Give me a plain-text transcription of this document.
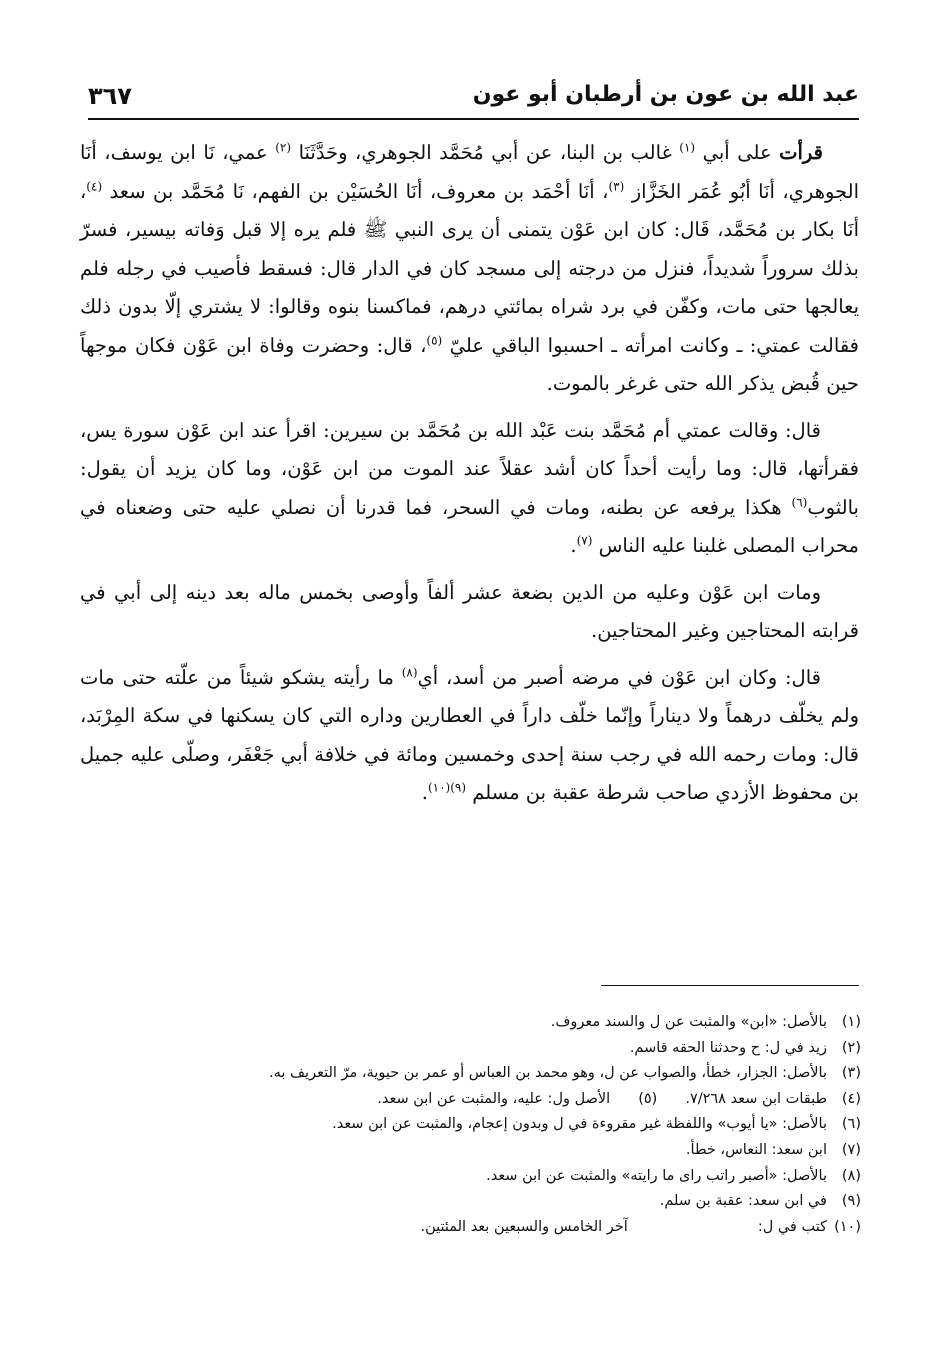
عبد الله بن عون بن أرطبان أبو عون
٣٦٧

قرأت على أبي $^{(١)}$ غالب بن البنا، عن أبي مُحَمَّد الجوهري، وحَدَّثَنَا $^{(٢)}$ عمي، نَا ابن يوسف، أنَا الجوهري، أنَا أبُو عُمَر الخَزَّاز $^{(٣)}$، أنَا أحْمَد بن معروف، أنَا الحُسَيْن بن الفهم، نَا مُحَمَّد بن سعد $^{(٤)}$، أنَا بكار بن مُحَمَّد، قَال: كان ابن عَوْن يتمنى أن يرى النبي ﷺ فلم يره إلا قبل وَفاته بيسير، فسرّ بذلك سروراً شديداً، فنزل من درجته إلى مسجد كان في الدار قال: فسقط فأصيب في رجله فلم يعالجها حتى مات، وكفّن في برد شراه بمائتي درهم، فماكسنا بنوه وقالوا: لا يشتري إلّا بدون ذلك فقالت عمتي: ـ وكانت امرأته ـ احسبوا الباقي عليّ $^{(٥)}$، قال: وحضرت وفاة ابن عَوْن فكان موجهاً حين قُبض يذكر الله حتى غرغر بالموت.

قال: وقالت عمتي أم مُحَمَّد بنت عَبْد الله بن مُحَمَّد بن سيرين: اقرأ عند ابن عَوْن سورة يس، فقرأتها، قال: وما رأيت أحداً كان أشد عقلاً عند الموت من ابن عَوْن، وما كان يزيد أن يقول: بالثوب$^{(٦)}$ هكذا يرفعه عن بطنه، ومات في السحر، فما قدرنا أن نصلي عليه حتى وضعناه في محراب المصلى غلبنا عليه الناس $^{(٧)}$.

ومات ابن عَوْن وعليه من الدين بضعة عشر ألفاً وأوصى بخمس ماله بعد دينه إلى أبي في قرابته المحتاجين وغير المحتاجين.

قال: وكان ابن عَوْن في مرضه أصبر من أسد، أي$^{(٨)}$ ما رأيته يشكو شيئاً من علّته حتى مات ولم يخلّف درهماً ولا ديناراً وإنّما خلّف داراً في العطارين وداره التي كان يسكنها في سكة المِرْبَد، قال: ومات رحمه الله في رجب سنة إحدى وخمسين ومائة في خلافة أبي جَعْفَر، وصلّى عليه جميل بن محفوظ الأزدي صاحب شرطة عقبة بن مسلم $^{(٩)(١٠)}$.

(١)
بالأصل: «ابن» والمثبت عن ل والسند معروف.
(٢)
زيد في ل: ح وحدثنا الحقه قاسم.
(٣)
بالأصل: الجزار، خطأ، والصواب عن ل، وهو محمد بن العباس أو عمر بن حيوية، مرّ التعريف به.
(٤)
طبقات ابن سعد ٧/٢٦٨.(٥)الأصل ول: عليه، والمثبت عن ابن سعد.
(٦)
بالأصل: «يا أيوب» واللفظة غير مقروءة في ل وبدون إعجام، والمثبت عن ابن سعد.
(٧)
ابن سعد: النعاس، خطأ.
(٨)
بالأصل: «أصبر راتب راى ما رايته» والمثبت عن ابن سعد.
(٩)
في ابن سعد: عقبة بن سلم.
(١٠)
كتب في ل:آخر الخامس والسبعين بعد المئتين.
